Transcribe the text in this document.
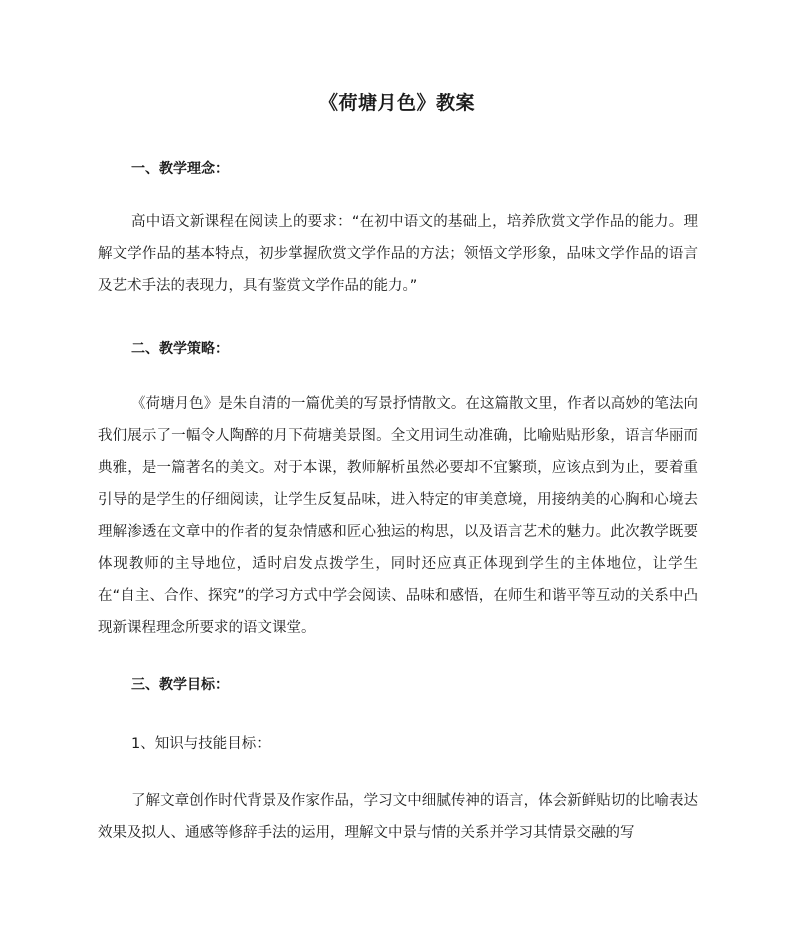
《荷塘月色》教案
一、教学理念：

高中语文新课程在阅读上的要求：“在初中语文的基础上，培养欣赏文学作品的能力。理解文学作品的基本特点，初步掌握欣赏文学作品的方法；领悟文学形象，品味文学作品的语言及艺术手法的表现力，具有鉴赏文学作品的能力。”

二、教学策略：

《荷塘月色》是朱自清的一篇优美的写景抒情散文。在这篇散文里，作者以高妙的笔法向我们展示了一幅令人陶醉的月下荷塘美景图。全文用词生动准确，比喻贴贴形象，语言华丽而典雅，是一篇著名的美文。对于本课，教师解析虽然必要却不宜繁琐，应该点到为止，要着重引导的是学生的仔细阅读，让学生反复品味，进入特定的审美意境，用接纳美的心胸和心境去理解渗透在文章中的作者的复杂情感和匠心独运的构思，以及语言艺术的魅力。此次教学既要体现教师的主导地位，适时启发点拨学生，同时还应真正体现到学生的主体地位，让学生在“自主、合作、探究”的学习方式中学会阅读、品味和感悟，在师生和谐平等互动的关系中凸现新课程理念所要求的语文课堂。

三、教学目标：

1、知识与技能目标：

了解文章创作时代背景及作家作品，学习文中细腻传神的语言，体会新鲜贴切的比喻表达效果及拟人、通感等修辞手法的运用，理解文中景与情的关系并学习其情景交融的写
